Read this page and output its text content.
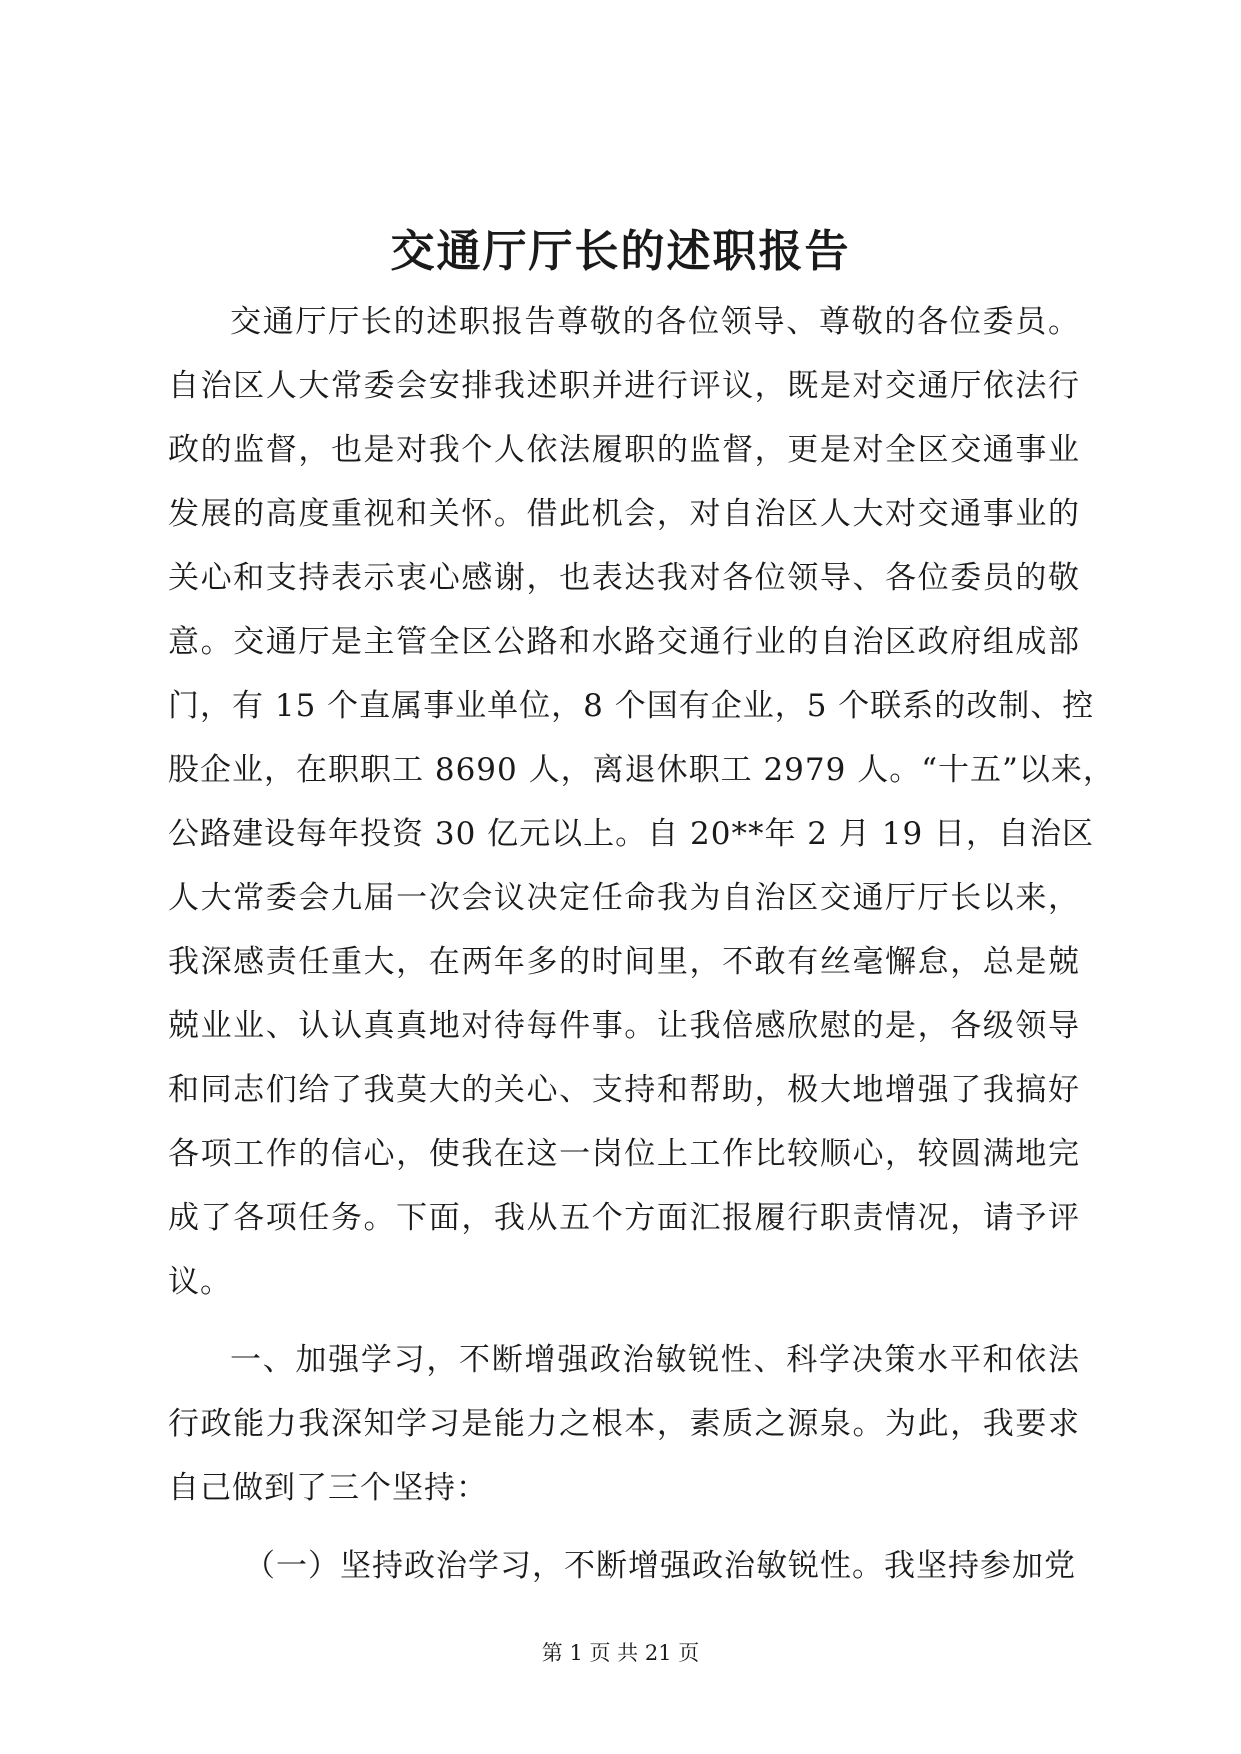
交通厅厅长的述职报告
交通厅厅长的述职报告尊敬的各位领导、尊敬的各位委员。
自治区人大常委会安排我述职并进行评议，既是对交通厅依法行
政的监督，也是对我个人依法履职的监督，更是对全区交通事业
发展的高度重视和关怀。借此机会，对自治区人大对交通事业的
关心和支持表示衷心感谢，也表达我对各位领导、各位委员的敬
意。交通厅是主管全区公路和水路交通行业的自治区政府组成部
门，有 15 个直属事业单位，8 个国有企业，5 个联系的改制、控
股企业，在职职工 8690 人，离退休职工 2979 人。“十五”以来，
公路建设每年投资 30 亿元以上。自 20**年 2 月 19 日，自治区
人大常委会九届一次会议决定任命我为自治区交通厅厅长以来，
我深感责任重大，在两年多的时间里，不敢有丝毫懈怠，总是兢
兢业业、认认真真地对待每件事。让我倍感欣慰的是，各级领导
和同志们给了我莫大的关心、支持和帮助，极大地增强了我搞好
各项工作的信心，使我在这一岗位上工作比较顺心，较圆满地完
成了各项任务。下面，我从五个方面汇报履行职责情况，请予评
议。
一、加强学习，不断增强政治敏锐性、科学决策水平和依法
行政能力我深知学习是能力之根本，素质之源泉。为此，我要求
自己做到了三个坚持：
（一）坚持政治学习，不断增强政治敏锐性。我坚持参加党
第 1 页 共 21 页
